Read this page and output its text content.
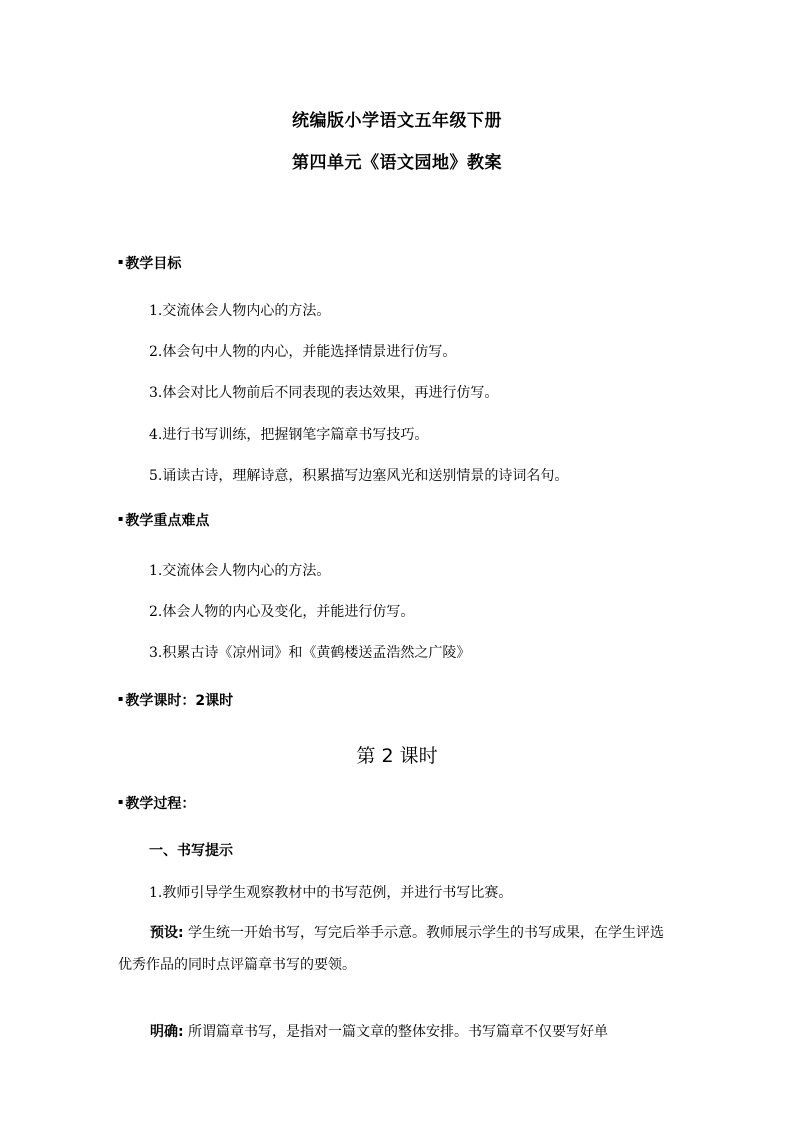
统编版小学语文五年级下册
第四单元《语文园地》教案
▪ 教学目标
1.交流体会人物内心的方法。
2.体会句中人物的内心，并能选择情景进行仿写。
3.体会对比人物前后不同表现的表达效果，再进行仿写。
4.进行书写训练，把握钢笔字篇章书写技巧。
5.诵读古诗，理解诗意，积累描写边塞风光和送别情景的诗词名句。
▪ 教学重点难点
1.交流体会人物内心的方法。
2.体会人物的内心及变化，并能进行仿写。
3.积累古诗《凉州词》和《黄鹤楼送孟浩然之广陵》
▪ 教学课时：2课时
第 2 课时
▪ 教学过程：
一、书写提示
1.教师引导学生观察教材中的书写范例，并进行书写比赛。
预设: 学生统一开始书写，写完后举手示意。教师展示学生的书写成果，在学生评选优秀作品的同时点评篇章书写的要领。
明确: 所谓篇章书写，是指对一篇文章的整体安排。书写篇章不仅要写好单
